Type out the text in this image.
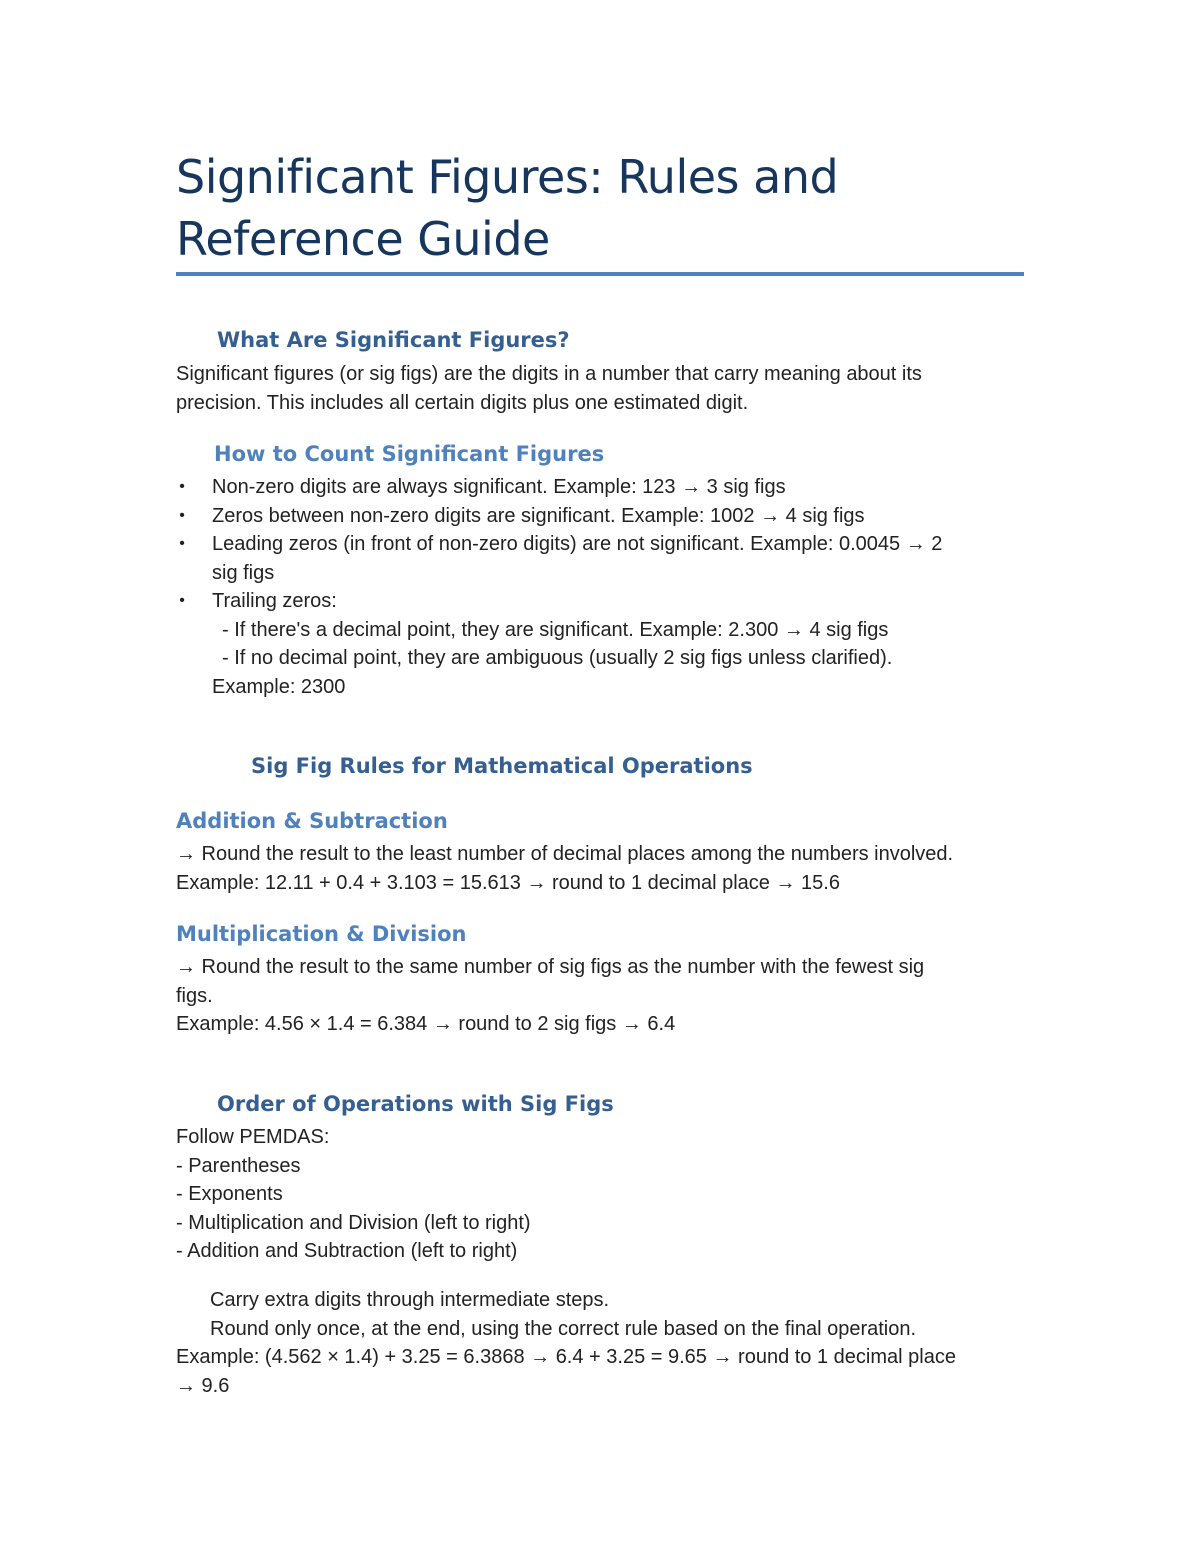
Significant Figures: Rules and Reference Guide
What Are Significant Figures?

Significant figures (or sig figs) are the digits in a number that carry meaning about its
precision. This includes all certain digits plus one estimated digit.

How to Count Significant Figures
• Non-zero digits are always significant. Example: 123 → 3 sig figs
• Zeros between non-zero digits are significant. Example: 1002 → 4 sig figs
• Leading zeros (in front of non-zero digits) are not significant. Example: 0.0045 → 2
sig figs
• Trailing zeros:
- If there's a decimal point, they are significant. Example: 2.300 → 4 sig figs
- If no decimal point, they are ambiguous (usually 2 sig figs unless clarified).
Example: 2300
Sig Fig Rules for Mathematical Operations
Addition & Subtraction

→ Round the result to the least number of decimal places among the numbers involved.
Example: 12.11 + 0.4 + 3.103 = 15.613 → round to 1 decimal place → 15.6

Multiplication & Division

→ Round the result to the same number of sig figs as the number with the fewest sig
figs.
Example: 4.56 × 1.4 = 6.384 → round to 2 sig figs → 6.4

Order of Operations with Sig Figs

Follow PEMDAS:
- Parentheses
- Exponents
- Multiplication and Division (left to right)
- Addition and Subtraction (left to right)

Carry extra digits through intermediate steps.
Round only once, at the end, using the correct rule based on the final operation.
Example: (4.562 × 1.4) + 3.25 = 6.3868 → 6.4 + 3.25 = 9.65 → round to 1 decimal place
→ 9.6
